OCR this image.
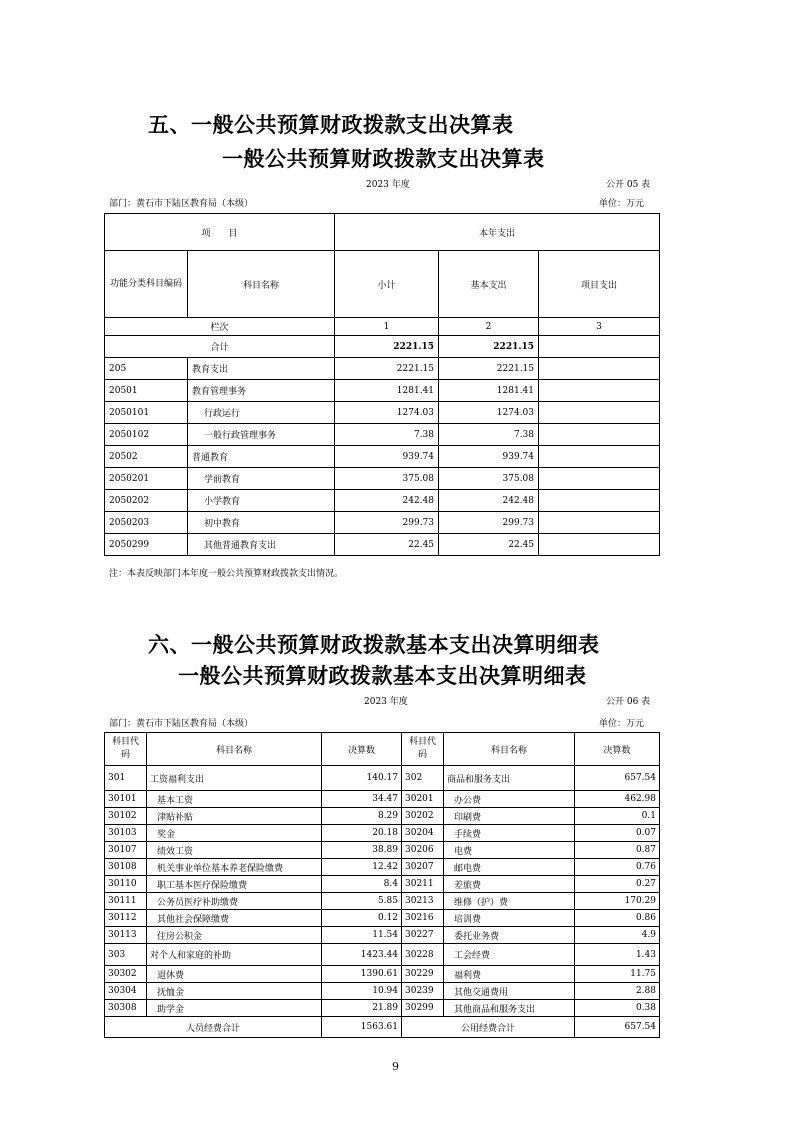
五、一般公共预算财政拨款支出决算表
一般公共预算财政拨款支出决算表
2023 年度	公开 05 表
部门：黄石市下陆区教育局（本级）	单位：万元
项　　目		本年支出		
功能分类科目编码	科目名称	小计	基本支出	项目支出
栏次		1	2	3
合计		2221.15	2221.15	
205	教育支出	2221.15	2221.15	
20501	教育管理事务	1281.41	1281.41	
2050101	行政运行	1274.03	1274.03	
2050102	一般行政管理事务	7.38	7.38	
20502	普通教育	939.74	939.74	
2050201	学前教育	375.08	375.08	
2050202	小学教育	242.48	242.48	
2050203	初中教育	299.73	299.73	
2050299	其他普通教育支出	22.45	22.45	
注：本表反映部门本年度一般公共预算财政拨款支出情况。
六、一般公共预算财政拨款基本支出决算明细表
一般公共预算财政拨款基本支出决算明细表
2023 年度	公开 06 表
部门：黄石市下陆区教育局（本级）	单位：万元
科目代码	科目名称	决算数	科目代码	科目名称	决算数
301	工资福利支出	140.17	302	商品和服务支出	657.54
30101	基本工资	34.47	30201	办公费	462.98
30102	津贴补贴	8.29	30202	印刷费	0.1
30103	奖金	20.18	30204	手续费	0.07
30107	绩效工资	38.89	30206	电费	0.87
30108	机关事业单位基本养老保险缴费	12.42	30207	邮电费	0.76
30110	职工基本医疗保险缴费	8.4	30211	差旅费	0.27
30111	公务员医疗补助缴费	5.85	30213	维修（护）费	170.29
30112	其他社会保障缴费	0.12	30216	培训费	0.86
30113	住房公积金	11.54	30227	委托业务费	4.9
303	对个人和家庭的补助	1423.44	30228	工会经费	1.43
30302	退休费	1390.61	30229	福利费	11.75
30304	抚恤金	10.94	30239	其他交通费用	2.88
30308	助学金	21.89	30299	其他商品和服务支出	0.38
人员经费合计		1563.61	公用经费合计		657.54
9
